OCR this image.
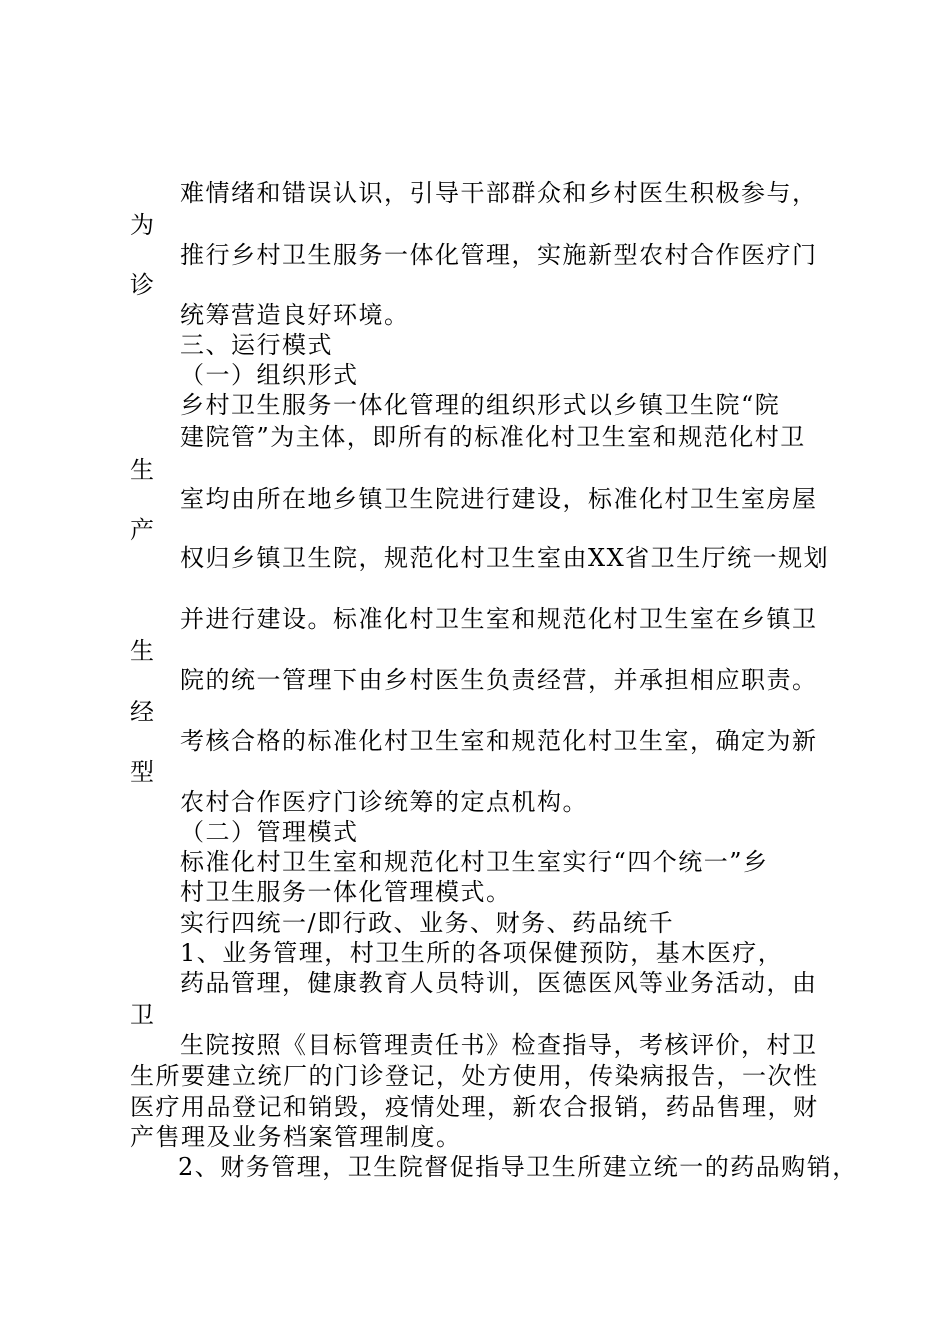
难情绪和错误认识，引导干部群众和乡村医生积极参与，
为
推行乡村卫生服务一体化管理，实施新型农村合作医疗门
诊
统筹营造良好环境。
三、运行模式
（一）组织形式
乡村卫生服务一体化管理的组织形式以乡镇卫生院“院
建院管”为主体，即所有的标准化村卫生室和规范化村卫
生
室均由所在地乡镇卫生院进行建设，标准化村卫生室房屋
产
权归乡镇卫生院，规范化村卫生室由XX省卫生厅统一规划
并进行建设。标准化村卫生室和规范化村卫生室在乡镇卫
生
院的统一管理下由乡村医生负责经营，并承担相应职责。
经
考核合格的标准化村卫生室和规范化村卫生室，确定为新
型
农村合作医疗门诊统筹的定点机构。
（二）管理模式
标准化村卫生室和规范化村卫生室实行“四个统一”乡
村卫生服务一体化管理模式。
实行四统一/即行政、业务、财务、药品统千
1、业务管理，村卫生所的各项保健预防，基木医疗，
药品管理，健康教育人员特训，医德医风等业务活动，由
卫
生院按照《目标管理责任书》检查指导，考核评价，村卫
生所要建立统厂的门诊登记，处方使用，传染病报告，一次性
医疗用品登记和销毁，疫情处理，新农合报销，药品售理，财
产售理及业务档案管理制度。
2、财务管理，卫生院督促指导卫生所建立统一的药品购销，
